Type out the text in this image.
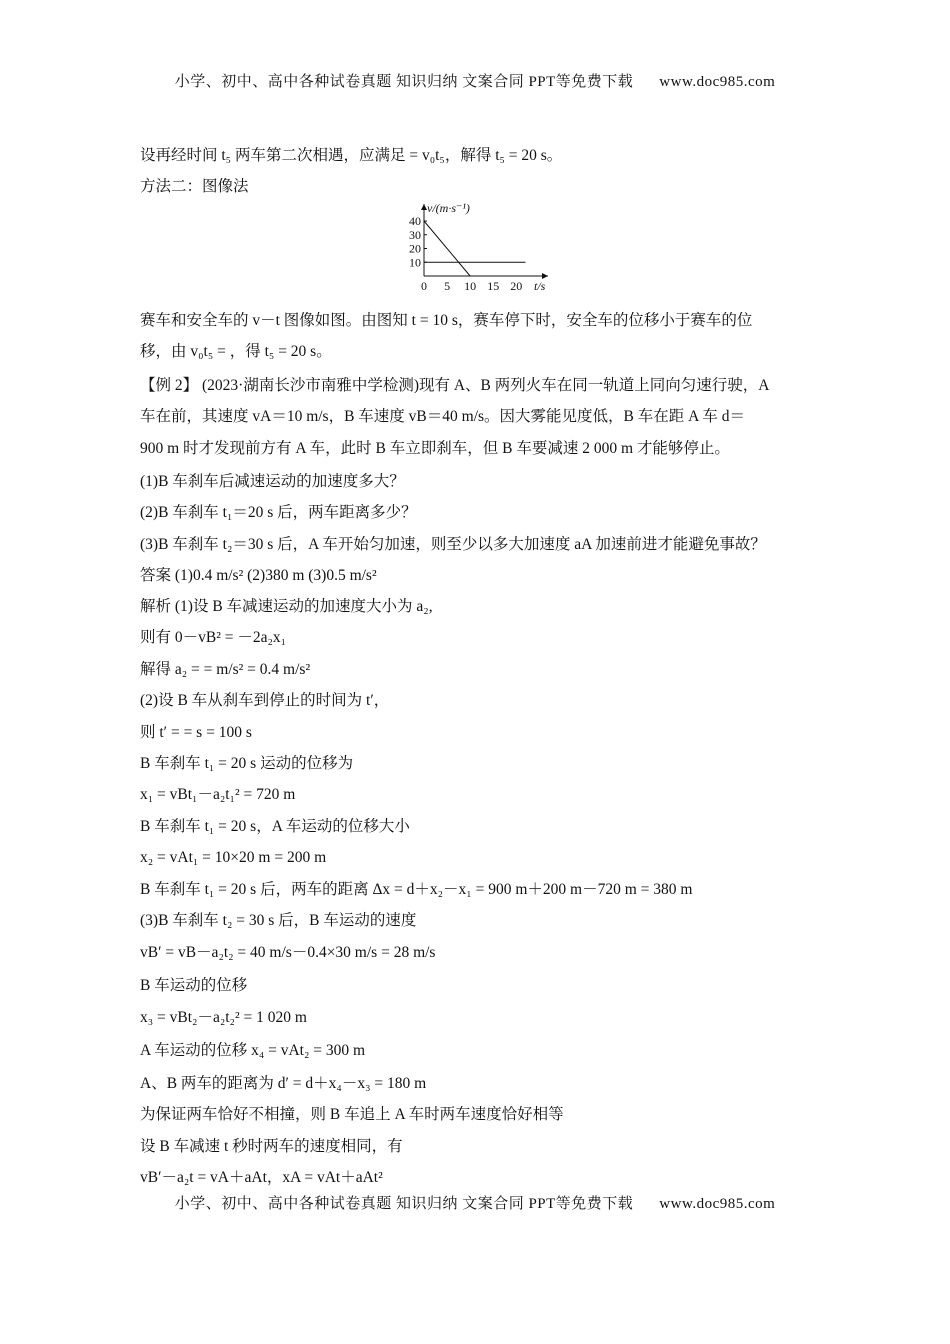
小学、初中、高中各种试卷真题 知识归纳 文案合同 PPT等免费下载 www.doc985.com
设再经时间 t₅ 两车第二次相遇，应满足 = v₀t₅，解得 t₅ = 20 s。
方法二：图像法
0 5 10 15 20
10
20
30
40
v/(m·s⁻¹)
t/s
赛车和安全车的 v－t 图像如图。由图知 t = 10 s，赛车停下时，安全车的位移小于赛车的位
移，由 v₀t₅ = ，得 t₅ = 20 s。
【例 2】 (2023·湖南长沙市南雅中学检测)现有 A、B 两列火车在同一轨道上同向匀速行驶，A
车在前，其速度 vA＝10 m/s，B 车速度 vB＝40 m/s。因大雾能见度低，B 车在距 A 车 d＝
900 m 时才发现前方有 A 车，此时 B 车立即刹车，但 B 车要减速 2 000 m 才能够停止。
(1)B 车刹车后减速运动的加速度多大？
(2)B 车刹车 t₁＝20 s 后，两车距离多少？
(3)B 车刹车 t₂＝30 s 后，A 车开始匀加速，则至少以多大加速度 aA 加速前进才能避免事故？
答案 (1)0.4 m/s² (2)380 m (3)0.5 m/s²
解析 (1)设 B 车减速运动的加速度大小为 a₂,
则有 0－vB² = －2a₂x₁
解得 a₂ = = m/s² = 0.4 m/s²
(2)设 B 车从刹车到停止的时间为 t′，
则 t′ = = s = 100 s
B 车刹车 t₁ = 20 s 运动的位移为
x₁ = vBt₁－a₂t₁² = 720 m
B 车刹车 t₁ = 20 s，A 车运动的位移大小
x₂ = vAt₁ = 10×20 m = 200 m
B 车刹车 t₁ = 20 s 后，两车的距离 Δx = d＋x₂－x₁ = 900 m＋200 m－720 m = 380 m
(3)B 车刹车 t₂ = 30 s 后，B 车运动的速度
vB′ = vB－a₂t₂ = 40 m/s－0.4×30 m/s = 28 m/s
B 车运动的位移
x₃ = vBt₂－a₂t₂² = 1 020 m
A 车运动的位移 x₄ = vAt₂ = 300 m
A、B 两车的距离为 d′ = d＋x₄－x₃ = 180 m
为保证两车恰好不相撞，则 B 车追上 A 车时两车速度恰好相等
设 B 车减速 t 秒时两车的速度相同，有
vB′－a₂t = vA＋aAt，xA = vAt＋aAt²
小学、初中、高中各种试卷真题 知识归纳 文案合同 PPT等免费下载 www.doc985.com
